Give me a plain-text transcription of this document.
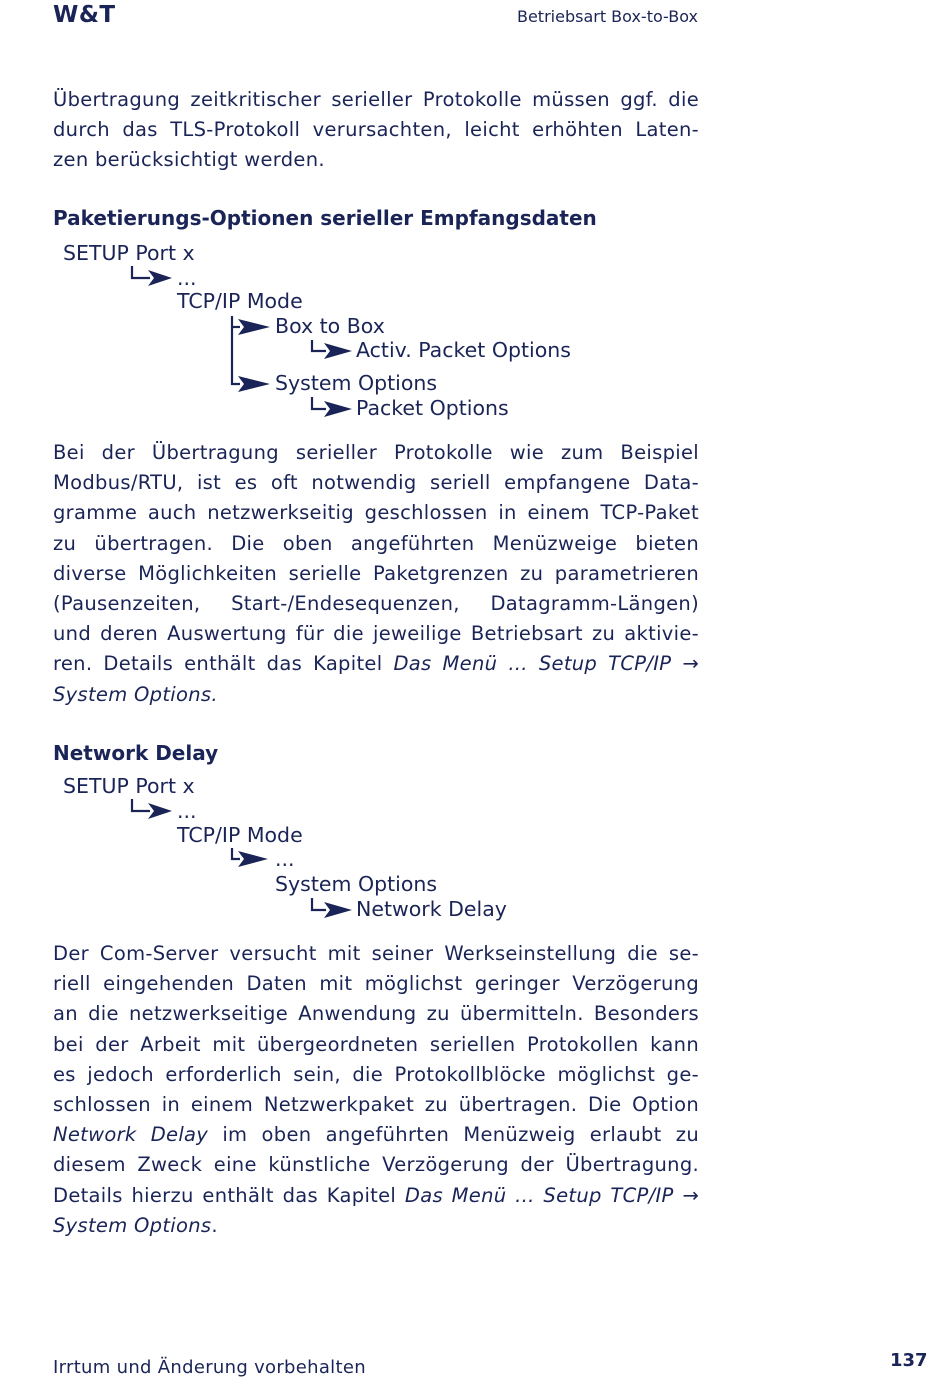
W&T	Betriebsart Box-to-Box
Übertragung zeitkritischer serieller Protokolle müssen ggf. die
durch das TLS-Protokoll verursachten, leicht erhöhten Laten-
zen berücksichtigt werden.
Paketierungs-Optionen serieller Empfangsdaten
SETUP Port x
...
TCP/IP Mode
Box to Box
Activ. Packet Options
System Options
Packet Options
Bei der Übertragung serieller Protokolle wie zum Beispiel
Modbus/RTU, ist es oft notwendig seriell empfangene Data-
gramme auch netzwerkseitig geschlossen in einem TCP-Paket
zu übertragen. Die oben angeführten Menüzweige bieten
diverse Möglichkeiten serielle Paketgrenzen zu parametrieren
(Pausenzeiten, Start-/Endesequenzen, Datagramm-Längen)
und deren Auswertung für die jeweilige Betriebsart zu aktivie-
ren. Details enthält das Kapitel Das Menü ... Setup TCP/IP →
System Options.
Network Delay
SETUP Port x
...
TCP/IP Mode
...
System Options
Network Delay
Der Com-Server versucht mit seiner Werkseinstellung die se-
riell eingehenden Daten mit möglichst geringer Verzögerung
an die netzwerkseitige Anwendung zu übermitteln. Besonders
bei der Arbeit mit übergeordneten seriellen Protokollen kann
es jedoch erforderlich sein, die Protokollblöcke möglichst ge-
schlossen in einem Netzwerkpaket zu übertragen. Die Option
Network Delay im oben angeführten Menüzweig erlaubt zu
diesem Zweck eine künstliche Verzögerung der Übertragung.
Details hierzu enthält das Kapitel Das Menü ... Setup TCP/IP →
System Options.
Irrtum und Änderung vorbehalten	137
